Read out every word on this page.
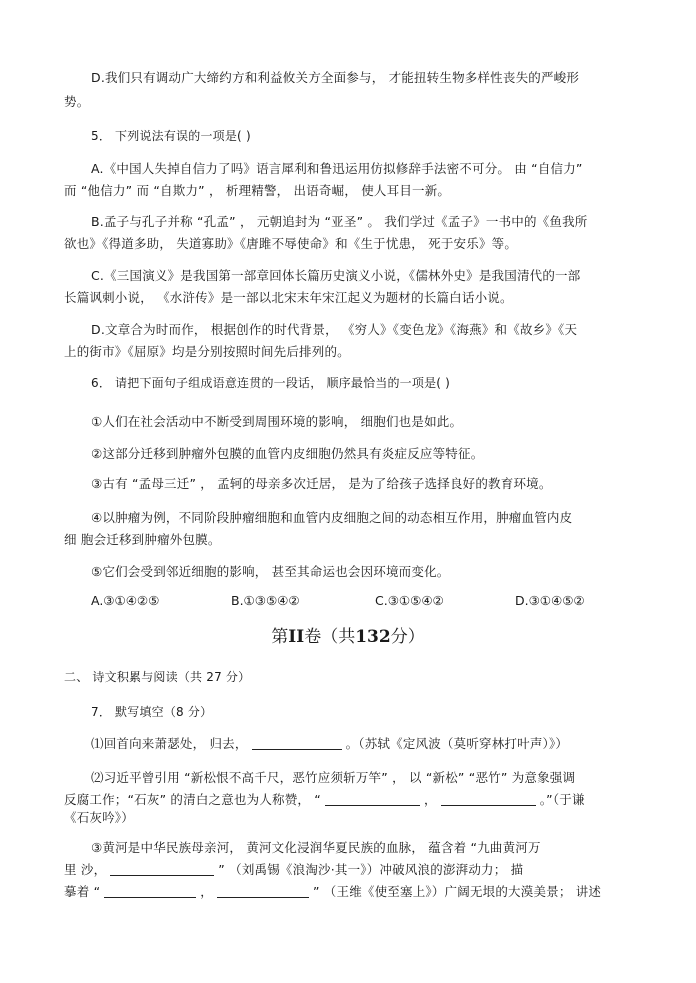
D.我们只有调动广大缔约方和利益攸关方全面参与， 才能扭转生物多样性丧失的严峻形
势。
5． 下列说法有误的一项是( )
A.《中国人失掉自信力了吗》语言犀利和鲁迅运用仿拟修辞手法密不可分。 由 “自信力”
而 “他信力” 而 “自欺力” ， 析理精警， 出语奇崛， 使人耳目一新。
B.孟子与孔子并称 “孔孟” ， 元朝追封为 “亚圣” 。 我们学过《孟子》一书中的《鱼我所
欲也》《得道多助， 失道寡助》《唐雎不辱使命》和《生于忧患， 死于安乐》等。
C.《三国演义》是我国第一部章回体长篇历史演义小说，《儒林外史》是我国清代的一部
长篇讽刺小说， 《水浒传》是一部以北宋末年宋江起义为题材的长篇白话小说。
D.文章合为时而作， 根据创作的时代背景， 《穷人》《变色龙》《海燕》和《故乡》《天
上的街市》《屈原》均是分别按照时间先后排列的。
6． 请把下面句子组成语意连贯的一段话， 顺序最恰当的一项是( )
①人们在社会活动中不断受到周围环境的影响， 细胞们也是如此。
②这部分迁移到肿瘤外包膜的血管内皮细胞仍然具有炎症反应等特征。
③古有 “孟母三迁” ， 孟轲的母亲多次迁居， 是为了给孩子选择良好的教育环境。
④以肿瘤为例，不同阶段肿瘤细胞和血管内皮细胞之间的动态相互作用，肿瘤血管内皮
细 胞会迁移到肿瘤外包膜。
⑤它们会受到邻近细胞的影响， 甚至其命运也会因环境而变化。
A.③①④②⑤	B.①③⑤④②	C.③①⑤④②	D.③①④⑤②
第II卷（共132分）
二、 诗文积累与阅读（共 27 分）
7． 默写填空（8 分）
⑴回首向来萧瑟处， 归去，	。（苏轼《定风波（莫听穿林打叶声）》）
⑵习近平曾引用 “新松恨不高千尺，恶竹应须斩万竿” ， 以 “新松” “恶竹” 为意象强调
反腐工作；“石灰” 的清白之意也为人称赞， “	，	。”（于谦
《石灰吟》）
③黄河是中华民族母亲河， 黄河文化浸润华夏民族的血脉， 蕴含着 “九曲黄河万
里 沙，	” （刘禹锡《浪淘沙·其一》）冲破风浪的澎湃动力； 描
摹着 “	，	” （王维《使至塞上》）广阔无垠的大漠美景； 讲述
